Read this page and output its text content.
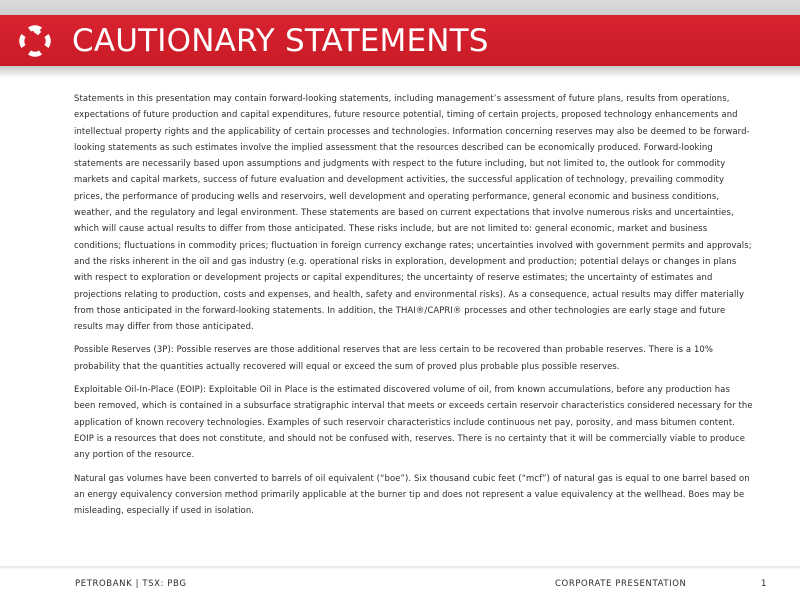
CAUTIONARY STATEMENTS

Statements in this presentation may contain forward-looking statements, including management’s assessment of future plans, results from operations, expectations of future production and capital expenditures, future resource potential, timing of certain projects, proposed technology enhancements and intellectual property rights and the applicability of certain processes and technologies. Information concerning reserves may also be deemed to be forward-looking statements as such estimates involve the implied assessment that the resources described can be economically produced. Forward-looking statements are necessarily based upon assumptions and judgments with respect to the future including, but not limited to, the outlook for commodity markets and capital markets, success of future evaluation and development activities, the successful application of technology, prevailing commodity prices, the performance of producing wells and reservoirs, well development and operating performance, general economic and business conditions, weather, and the regulatory and legal environment. These statements are based on current expectations that involve numerous risks and uncertainties, which will cause actual results to differ from those anticipated. These risks include, but are not limited to: general economic, market and business conditions; fluctuations in commodity prices; fluctuation in foreign currency exchange rates; uncertainties involved with government permits and approvals; and the risks inherent in the oil and gas industry (e.g. operational risks in exploration, development and production; potential delays or changes in plans with respect to exploration or development projects or capital expenditures; the uncertainty of reserve estimates; the uncertainty of estimates and projections relating to production, costs and expenses, and health, safety and environmental risks). As a consequence, actual results may differ materially from those anticipated in the forward-looking statements. In addition, the THAI®/CAPRI® processes and other technologies are early stage and future results may differ from those anticipated.

Possible Reserves (3P): Possible reserves are those additional reserves that are less certain to be recovered than probable reserves. There is a 10% probability that the quantities actually recovered will equal or exceed the sum of proved plus probable plus possible reserves.

Exploitable Oil-In-Place (EOIP): Exploitable Oil in Place is the estimated discovered volume of oil, from known accumulations, before any production has been removed, which is contained in a subsurface stratigraphic interval that meets or exceeds certain reservoir characteristics considered necessary for the application of known recovery technologies. Examples of such reservoir characteristics include continuous net pay, porosity, and mass bitumen content. EOIP is a resources that does not constitute, and should not be confused with, reserves. There is no certainty that it will be commercially viable to produce any portion of the resource.

Natural gas volumes have been converted to barrels of oil equivalent (“boe”). Six thousand cubic feet (“mcf”) of natural gas is equal to one barrel based on an energy equivalency conversion method primarily applicable at the burner tip and does not represent a value equivalency at the wellhead. Boes may be misleading, especially if used in isolation.

PETROBANK | TSX: PBG	CORPORATE PRESENTATION	1
